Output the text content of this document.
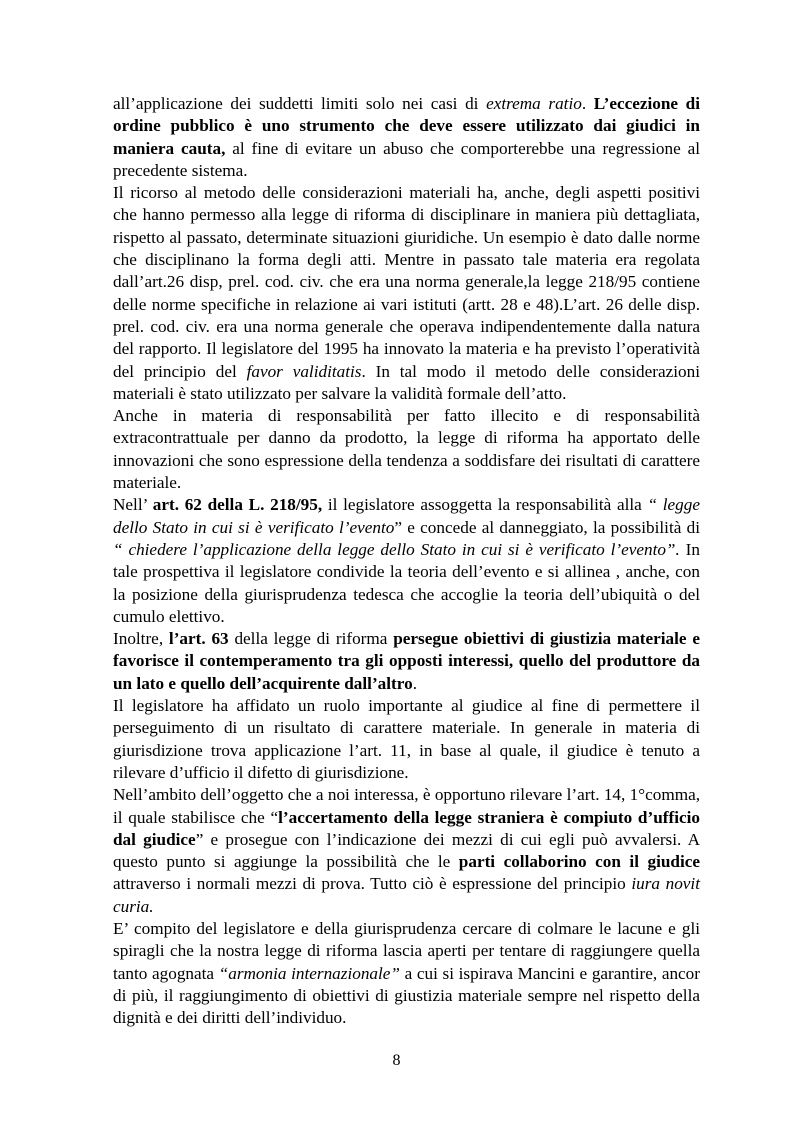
all’applicazione dei suddetti limiti solo nei casi di extrema ratio. L’eccezione di ordine pubblico è uno strumento che deve essere utilizzato dai giudici in maniera cauta, al fine di evitare un abuso che comporterebbe una regressione al precedente sistema.

Il ricorso al metodo delle considerazioni materiali ha, anche, degli aspetti positivi che hanno permesso alla legge di riforma di disciplinare in maniera più dettagliata, rispetto al passato, determinate situazioni giuridiche. Un esempio è dato dalle norme che disciplinano la forma degli atti. Mentre in passato tale materia era regolata dall’art.26 disp, prel. cod. civ. che era una norma generale,la legge 218/95 contiene delle norme specifiche in relazione ai vari istituti (artt. 28 e 48).L’art. 26 delle disp. prel. cod. civ. era una norma generale che operava indipendentemente dalla natura del rapporto. Il legislatore del 1995 ha innovato la materia e ha previsto l’operatività del principio del favor validitatis. In tal modo il metodo delle considerazioni materiali è stato utilizzato per salvare la validità formale dell’atto.

Anche in materia di responsabilità per fatto illecito e di responsabilità extracontrattuale per danno da prodotto, la legge di riforma ha apportato delle innovazioni che sono espressione della tendenza a soddisfare dei risultati di carattere materiale.

Nell’ art. 62 della L. 218/95, il legislatore assoggetta la responsabilità alla “ legge dello Stato in cui si è verificato l’evento” e concede al danneggiato, la possibilità di “ chiedere l’applicazione della legge dello Stato in cui si è verificato l’evento”. In tale prospettiva il legislatore condivide la teoria dell’evento e si allinea , anche, con la posizione della giurisprudenza tedesca che accoglie la teoria dell’ubiquità o del cumulo elettivo.

Inoltre, l’art. 63 della legge di riforma persegue obiettivi di giustizia materiale e favorisce il contemperamento tra gli opposti interessi, quello del produttore da un lato e quello dell’acquirente dall’altro.

Il legislatore ha affidato un ruolo importante al giudice al fine di permettere il perseguimento di un risultato di carattere materiale. In generale in materia di giurisdizione trova applicazione l’art. 11, in base al quale, il giudice è tenuto a rilevare d’ufficio il difetto di giurisdizione.

Nell’ambito dell’oggetto che a noi interessa, è opportuno rilevare l’art. 14, 1°comma, il quale stabilisce che “l’accertamento della legge straniera è compiuto d’ufficio dal giudice” e prosegue con l’indicazione dei mezzi di cui egli può avvalersi. A questo punto si aggiunge la possibilità che le parti collaborino con il giudice attraverso i normali mezzi di prova. Tutto ciò è espressione del principio iura novit curia.

E’ compito del legislatore e della giurisprudenza cercare di colmare le lacune e gli spiragli che la nostra legge di riforma lascia aperti per tentare di raggiungere quella tanto agognata “armonia internazionale” a cui si ispirava Mancini e garantire, ancor di più, il raggiungimento di obiettivi di giustizia materiale sempre nel rispetto della dignità e dei diritti dell’individuo.

8
